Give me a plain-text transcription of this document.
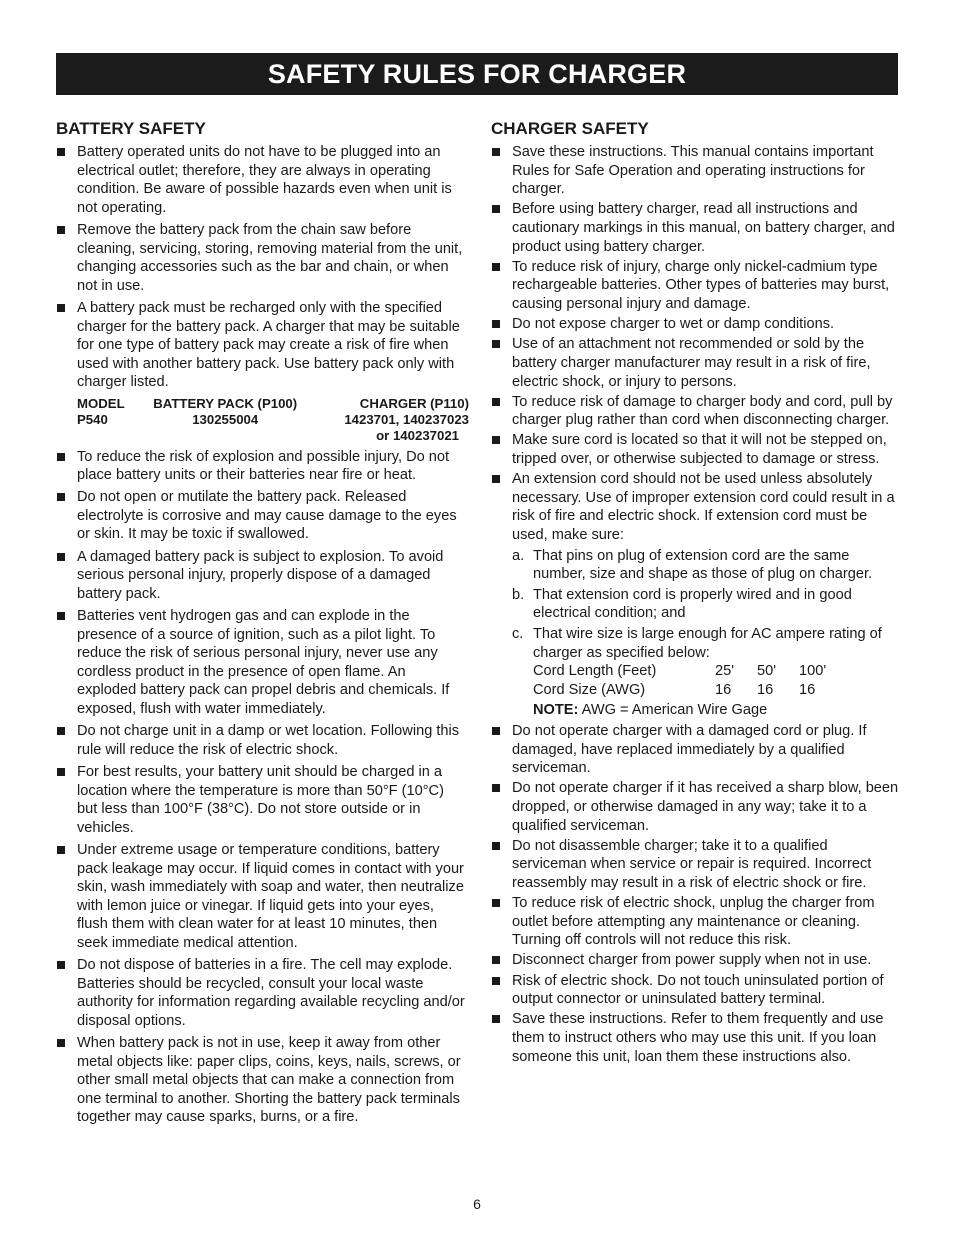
SAFETY RULES FOR CHARGER
BATTERY SAFETY
Battery operated units do not have to be plugged into an electrical outlet; therefore, they are always in operating condition. Be aware of possible hazards even when unit is not operating.
Remove the battery pack from the chain saw before cleaning, servicing, storing, removing material from the unit, changing accessories such as the bar and chain, or when not in use.
A battery pack must be recharged only with the specified charger for the battery pack. A charger that may be suitable for one type of battery pack may create a risk of fire when used with another battery pack. Use battery pack only with charger listed.
MODEL	BATTERY PACK (P100)	CHARGER (P110)
P540	130255004	1423701, 140237023
		or 140237021
To reduce the risk of explosion and possible injury, Do not place battery units or their batteries near fire or heat.
Do not open or mutilate the battery pack. Released electrolyte is corrosive and may cause damage to the eyes or skin. It may be toxic if swallowed.
A damaged battery pack is subject to explosion. To avoid serious personal injury, properly dispose of a damaged battery pack.
Batteries vent hydrogen gas and can explode in the presence of a source of ignition, such as a pilot light. To reduce the risk of serious personal injury, never use any cordless product in the presence of open flame. An exploded battery pack can propel debris and chemicals. If exposed, flush with water immediately.
Do not charge unit in a damp or wet location. Following this rule will reduce the risk of electric shock.
For best results, your battery unit should be charged in a location where the temperature is more than 50°F (10°C) but less than 100°F (38°C). Do not store outside or in vehicles.
Under extreme usage or temperature conditions, battery pack leakage may occur. If liquid comes in contact with your skin, wash immediately with soap and water, then neutralize with lemon juice or vinegar. If liquid gets into your eyes, flush them with clean water for at least 10 minutes, then seek immediate medical attention.
Do not dispose of batteries in a fire. The cell may explode. Batteries should be recycled, consult your local waste authority for information regarding available recycling and/or disposal options.
When battery pack is not in use, keep it away from other metal objects like: paper clips, coins, keys, nails, screws, or other small metal objects that can make a connection from one terminal to another. Shorting the battery pack terminals together may cause sparks, burns, or a fire.
CHARGER SAFETY
Save these instructions. This manual contains important Rules for Safe Operation and operating instructions for charger.
Before using battery charger, read all instructions and cautionary markings in this manual, on battery charger, and product using battery charger.
To reduce risk of injury, charge only nickel-cadmium type rechargeable batteries. Other types of batteries may burst, causing personal injury and damage.
Do not expose charger to wet or damp conditions.
Use of an attachment not recommended or sold by the battery charger manufacturer may result in a risk of fire, electric shock, or injury to persons.
To reduce risk of damage to charger body and cord, pull by charger plug rather than cord when disconnecting charger.
Make sure cord is located so that it will not be stepped on, tripped over, or otherwise subjected to damage or stress.
An extension cord should not be used unless absolutely necessary. Use of improper extension cord could result in a risk of fire and electric shock. If extension cord must be used, make sure:
a. That pins on plug of extension cord are the same number, size and shape as those of plug on charger.
b. That extension cord is properly wired and in good electrical condition; and
c. That wire size is large enough for AC ampere rating of charger as specified below:
Cord Length (Feet)	25'	50'	100'
Cord Size (AWG)	16	16	16
NOTE: AWG = American Wire Gage
Do not operate charger with a damaged cord or plug. If damaged, have replaced immediately by a qualified serviceman.
Do not operate charger if it has received a sharp blow, been dropped, or otherwise damaged in any way; take it to a qualified serviceman.
Do not disassemble charger; take it to a qualified serviceman when service or repair is required. Incorrect reassembly may result in a risk of electric shock or fire.
To reduce risk of electric shock, unplug the charger from outlet before attempting any maintenance or cleaning. Turning off controls will not reduce this risk.
Disconnect charger from power supply when not in use.
Risk of electric shock. Do not touch uninsulated portion of output connector or uninsulated battery terminal.
Save these instructions. Refer to them frequently and use them to instruct others who may use this unit. If you loan someone this unit, loan them these instructions also.
6
